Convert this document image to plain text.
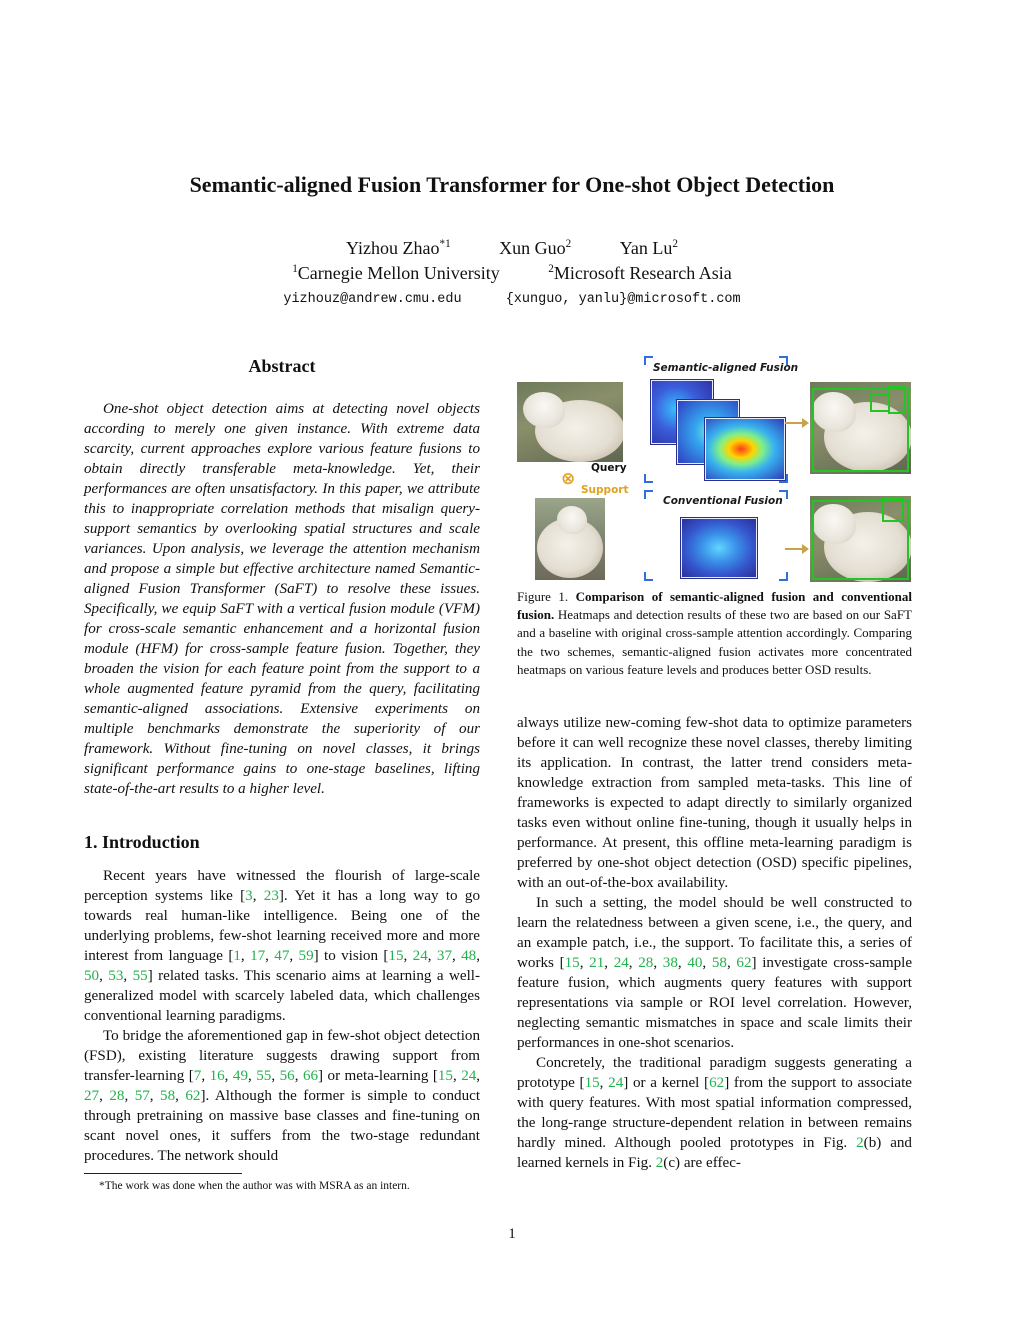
Semantic-aligned Fusion Transformer for One-shot Object Detection
Yizhou Zhao$^{*1}$	Xun Guo$^2$	Yan Lu$^2$
$^1$Carnegie Mellon University	$^2$Microsoft Research Asia
yizhouz@andrew.cmu.edu	{xunguo, yanlu}@microsoft.com
Abstract
One-shot object detection aims at detecting novel objects according to merely one given instance. With extreme data scarcity, current approaches explore various feature fusions to obtain directly transferable meta-knowledge. Yet, their performances are often unsatisfactory. In this paper, we attribute this to inappropriate correlation methods that misalign query-support semantics by overlooking spatial structures and scale variances. Upon analysis, we leverage the attention mechanism and propose a simple but effective architecture named Semantic-aligned Fusion Transformer (SaFT) to resolve these issues. Specifically, we equip SaFT with a vertical fusion module (VFM) for cross-scale semantic enhancement and a horizontal fusion module (HFM) for cross-sample feature fusion. Together, they broaden the vision for each feature point from the support to a whole augmented feature pyramid from the query, facilitating semantic-aligned associations. Extensive experiments on multiple benchmarks demonstrate the superiority of our framework. Without fine-tuning on novel classes, it brings significant performance gains to one-stage baselines, lifting state-of-the-art results to a higher level.
1. Introduction

Recent years have witnessed the flourish of large-scale perception systems like [3, 23]. Yet it has a long way to go towards real human-like intelligence. Being one of the underlying problems, few-shot learning received more and more interest from language [1, 17, 47, 59] to vision [15, 24, 37, 48, 50, 53, 55] related tasks. This scenario aims at learning a well-generalized model with scarcely labeled data, which challenges conventional learning paradigms.

To bridge the aforementioned gap in few-shot object detection (FSD), existing literature suggests drawing support from transfer-learning [7, 16, 49, 55, 56, 66] or meta-learning [15, 24, 27, 28, 57, 58, 62]. Although the former is simple to conduct through pretraining on massive base classes and fine-tuning on scant novel ones, it suffers from the two-stage redundant procedures. The network should

*The work was done when the author was with MSRA as an intern.
Query
Support
⊗
Semantic-aligned Fusion
Conventional Fusion
Figure 1. Comparison of semantic-aligned fusion and conventional fusion. Heatmaps and detection results of these two are based on our SaFT and a baseline with original cross-sample attention accordingly. Comparing the two schemes, semantic-aligned fusion activates more concentrated heatmaps on various feature levels and produces better OSD results.

always utilize new-coming few-shot data to optimize parameters before it can well recognize these novel classes, thereby limiting its application. In contrast, the latter trend considers meta-knowledge extraction from sampled meta-tasks. This line of frameworks is expected to adapt directly to similarly organized tasks even without online fine-tuning, though it usually helps in performance. At present, this offline meta-learning paradigm is preferred by one-shot object detection (OSD) specific pipelines, with an out-of-the-box availability.

In such a setting, the model should be well constructed to learn the relatedness between a given scene, i.e., the query, and an example patch, i.e., the support. To facilitate this, a series of works [15, 21, 24, 28, 38, 40, 58, 62] investigate cross-sample feature fusion, which augments query features with support representations via sample or ROI level correlation. However, neglecting semantic mismatches in space and scale limits their performances in one-shot scenarios.

Concretely, the traditional paradigm suggests generating a prototype [15, 24] or a kernel [62] from the support to associate with query features. With most spatial information compressed, the long-range structure-dependent relation in between remains hardly mined. Although pooled prototypes in Fig. 2(b) and learned kernels in Fig. 2(c) are effec-

1
